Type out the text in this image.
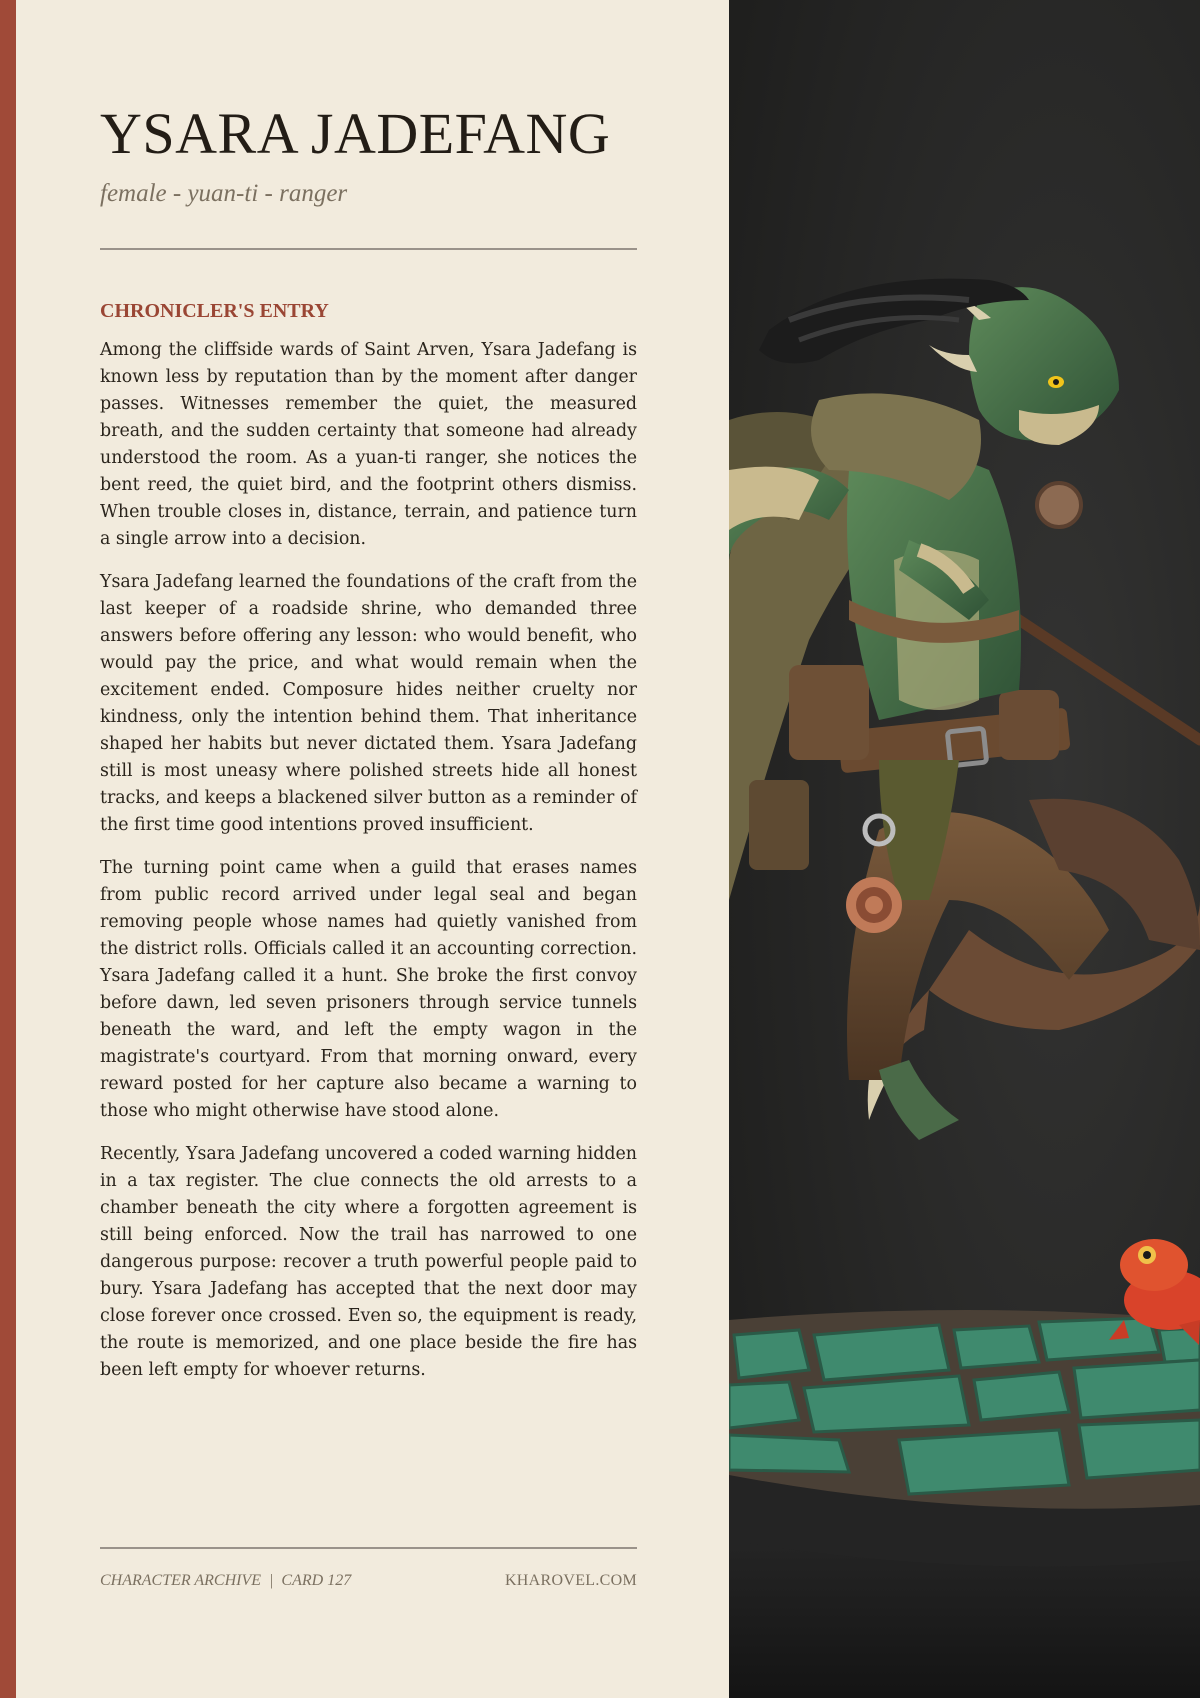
YSARA JADEFANG

female - yuan-ti - ranger

CHRONICLER'S ENTRY

Among the cliffside wards of Saint Arven, Ysara Jadefang is known less by reputation than by the moment after danger passes. Witnesses remember the quiet, the measured breath, and the sudden certainty that someone had already understood the room. As a yuan-ti ranger, she notices the bent reed, the quiet bird, and the footprint others dismiss. When trouble closes in, distance, terrain, and patience turn a single arrow into a decision.

Ysara Jadefang learned the foundations of the craft from the last keeper of a roadside shrine, who demanded three answers before offering any lesson: who would benefit, who would pay the price, and what would remain when the excitement ended. Composure hides neither cruelty nor kindness, only the intention behind them. That inheritance shaped her habits but never dictated them. Ysara Jadefang still is most uneasy where polished streets hide all honest tracks, and keeps a blackened silver button as a reminder of the first time good intentions proved insufficient.

The turning point came when a guild that erases names from public record arrived under legal seal and began removing people whose names had quietly vanished from the district rolls. Officials called it an accounting correction. Ysara Jadefang called it a hunt. She broke the first convoy before dawn, led seven prisoners through service tunnels beneath the ward, and left the empty wagon in the magistrate's courtyard. From that morning onward, every reward posted for her capture also became a warning to those who might otherwise have stood alone.

Recently, Ysara Jadefang uncovered a coded warning hidden in a tax register. The clue connects the old arrests to a chamber beneath the city where a forgotten agreement is still being enforced. Now the trail has narrowed to one dangerous purpose: recover a truth powerful people paid to bury. Ysara Jadefang has accepted that the next door may close forever once crossed. Even so, the equipment is ready, the route is memorized, and one place beside the fire has been left empty for whoever returns.

CHARACTER ARCHIVE  |  CARD 127	KHAROVEL.COM
